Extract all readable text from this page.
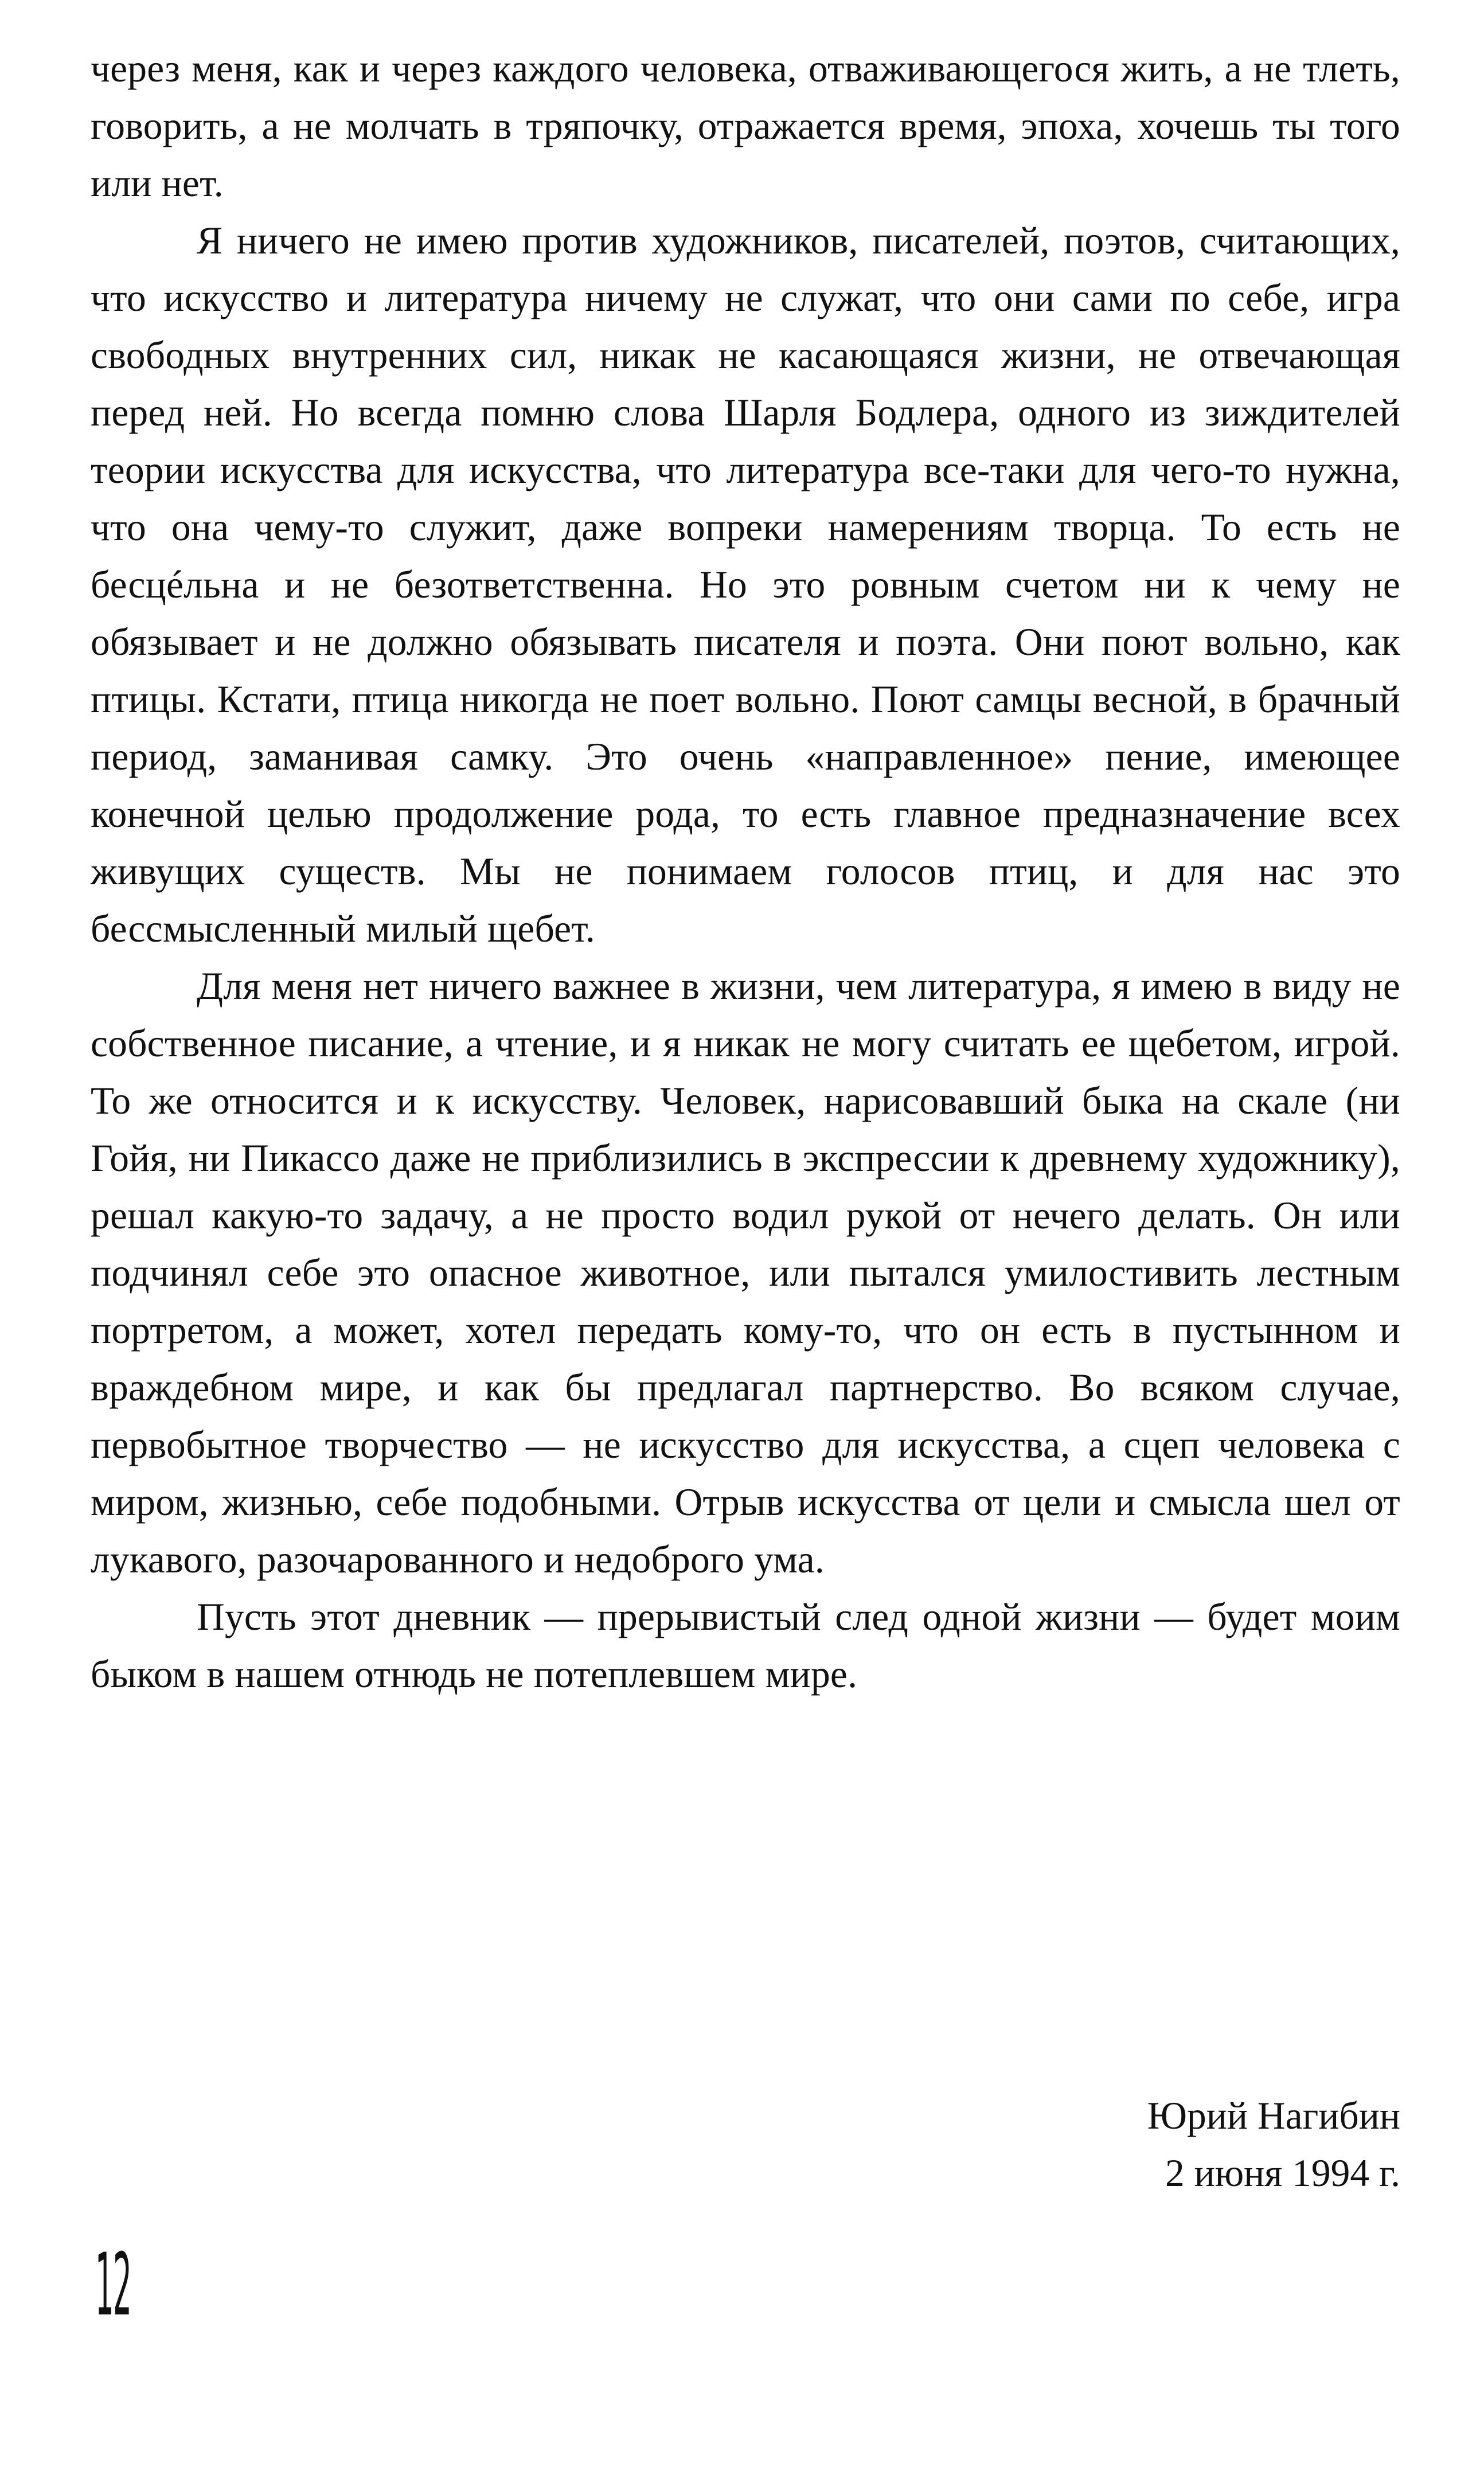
через меня, как и через каждого человека, отваживающегося жить, а не тлеть, говорить, а не молчать в тряпочку, отражается время, эпоха, хочешь ты того или нет.

Я ничего не имею против художников, писателей, поэтов, считающих, что искусство и литература ничему не служат, что они сами по себе, игра свободных внутренних сил, никак не касающаяся жизни, не отвечающая перед ней. Но всегда помню слова Шарля Бодлера, одного из зиждителей теории искусства для искусства, что литература все-таки для чего-то нужна, что она чему-то служит, даже вопреки намерениям творца. То есть не бесцéльна и не безответственна. Но это ровным счетом ни к чему не обязывает и не должно обязывать писателя и поэта. Они поют вольно, как птицы. Кстати, птица никогда не поет вольно. Поют самцы весной, в брачный период, заманивая самку. Это очень «направленное» пение, имеющее конечной целью продолжение рода, то есть главное предназначение всех живущих существ. Мы не понимаем голосов птиц, и для нас это бессмысленный милый щебет.

Для меня нет ничего важнее в жизни, чем литература, я имею в виду не собственное писание, а чтение, и я никак не могу считать ее щебетом, игрой. То же относится и к искусству. Человек, нарисовавший быка на скале (ни Гойя, ни Пикассо даже не приблизились в экспрессии к древнему художнику), решал какую-то задачу, а не просто водил рукой от нечего делать. Он или подчинял себе это опасное животное, или пытался умилостивить лестным портретом, а может, хотел передать кому-то, что он есть в пустынном и враждебном мире, и как бы предлагал партнерство. Во всяком случае, первобытное творчество — не искусство для искусства, а сцеп человека с миром, жизнью, себе подобными. Отрыв искусства от цели и смысла шел от лукавого, разочарованного и недоброго ума.

Пусть этот дневник — прерывистый след одной жизни — будет моим быком в нашем отнюдь не потеплевшем мире.

Юрий Нагибин
2 июня 1994 г.
12
